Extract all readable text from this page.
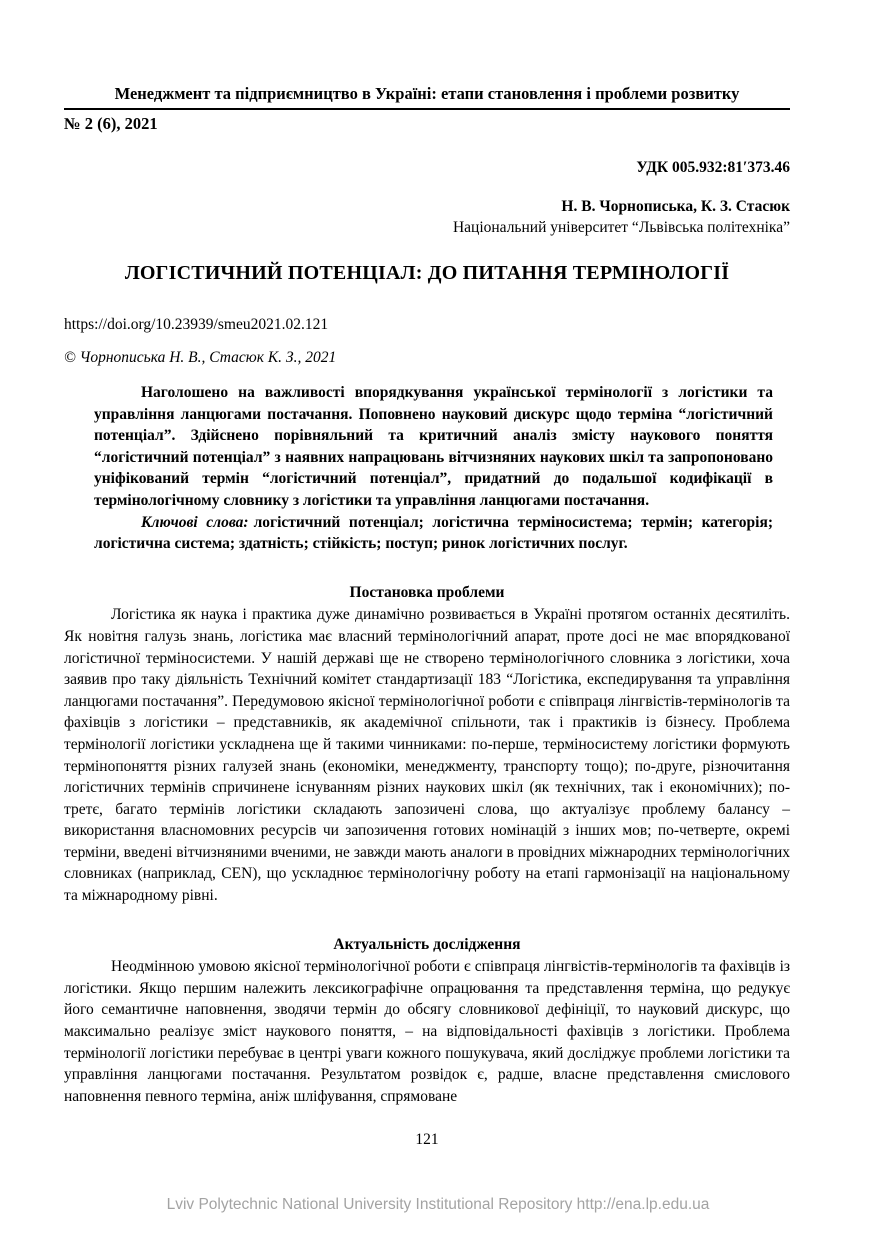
Менеджмент та підприємництво в Україні: етапи становлення і проблеми розвитку
№ 2 (6), 2021
УДК 005.932:81′373.46
Н. В. Чорнописька, К. З. Стасюк
Національний університет “Львівська політехніка”
ЛОГІСТИЧНИЙ ПОТЕНЦІАЛ: ДО ПИТАННЯ ТЕРМІНОЛОГІЇ
https://doi.org/10.23939/smeu2021.02.121
© Чорнописька Н. В., Стасюк К. З., 2021
Наголошено на важливості впорядкування української термінології з логістики та управління ланцюгами постачання. Поповнено науковий дискурс щодо терміна “логістичний потенціал”. Здійснено порівняльний та критичний аналіз змісту наукового поняття “логістичний потенціал” з наявних напрацювань вітчизняних наукових шкіл та запропоновано уніфікований термін “логістичний потенціал”, придатний до подальшої кодифікації в термінологічному словнику з логістики та управління ланцюгами постачання.
Ключові слова: логістичний потенціал; логістична терміносистема; термін; категорія; логістична система; здатність; стійкість; поступ; ринок логістичних послуг.
Постановка проблеми
Логістика як наука і практика дуже динамічно розвивається в Україні протягом останніх десятиліть. Як новітня галузь знань, логістика має власний термінологічний апарат, проте досі не має впорядкованої логістичної терміносистеми. У нашій державі ще не створено термінологічного словника з логістики, хоча заявив про таку діяльність Технічний комітет стандартизації 183 “Логістика, експедирування та управління ланцюгами постачання”. Передумовою якісної термінологічної роботи є співпраця лінгвістів-термінологів та фахівців з логістики – представників, як академічної спільноти, так і практиків із бізнесу. Проблема термінології логістики ускладнена ще й такими чинниками: по-перше, терміносистему логістики формують термінопоняття різних галузей знань (економіки, менеджменту, транспорту тощо); по-друге, різночитання логістичних термінів спричинене існуванням різних наукових шкіл (як технічних, так і економічних); по-третє, багато термінів логістики складають запозичені слова, що актуалізує проблему балансу – використання власномовних ресурсів чи запозичення готових номінацій з інших мов; по-четверте, окремі терміни, введені вітчизняними вченими, не завжди мають аналоги в провідних міжнародних термінологічних словниках (наприклад, CEN), що ускладнює термінологічну роботу на етапі гармонізації на національному та міжнародному рівні.
Актуальність дослідження
Неодмінною умовою якісної термінологічної роботи є співпраця лінгвістів-термінологів та фахівців із логістики. Якщо першим належить лексикографічне опрацювання та представлення терміна, що редукує його семантичне наповнення, зводячи термін до обсягу словникової дефініції, то науковий дискурс, що максимально реалізує зміст наукового поняття, – на відповідальності фахівців з логістики. Проблема термінології логістики перебуває в центрі уваги кожного пошукувача, який досліджує проблеми логістики та управління ланцюгами постачання. Результатом розвідок є, радше, власне представлення смислового наповнення певного терміна, аніж шліфування, спрямоване
121
Lviv Polytechnic National University Institutional Repository http://ena.lp.edu.ua
